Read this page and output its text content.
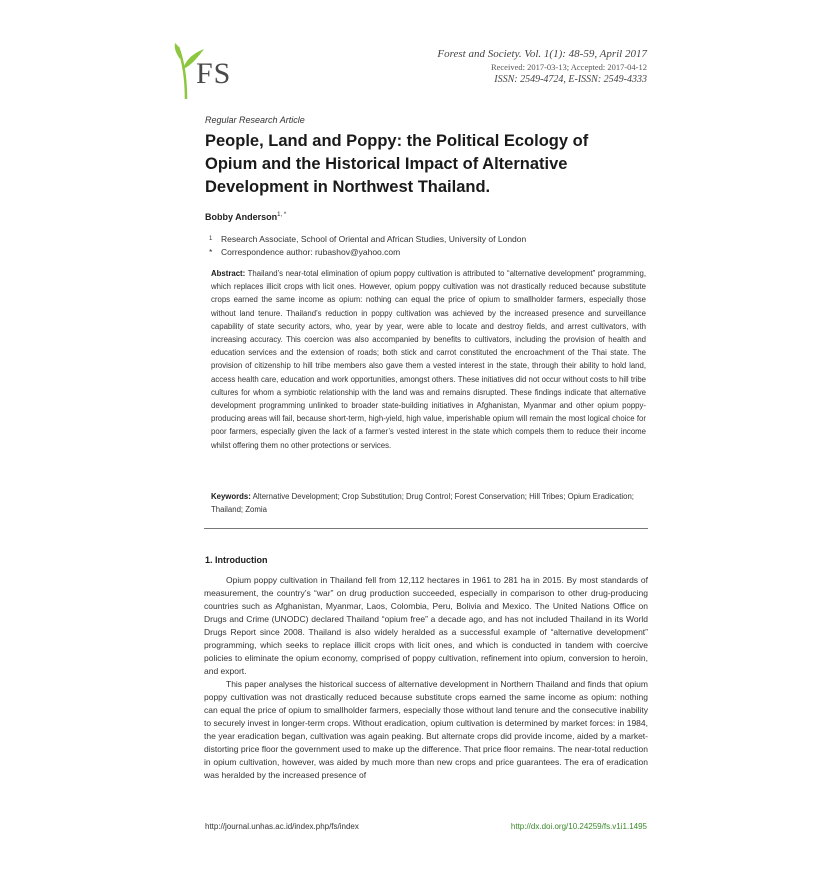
FS
Forest and Society. Vol. 1(1): 48-59, April 2017
Received: 2017-03-13; Accepted: 2017-04-12
ISSN: 2549-4724, E-ISSN: 2549-4333
Regular Research Article
People, Land and Poppy: the Political Ecology of Opium and the Historical Impact of Alternative Development in Northwest Thailand.
Bobby Anderson$^{1, *}$
1 Research Associate, School of Oriental and African Studies, University of London
* Correspondence author: rubashov@yahoo.com
Abstract: Thailand’s near-total elimination of opium poppy cultivation is attributed to “alternative development” programming, which replaces illicit crops with licit ones. However, opium poppy cultivation was not drastically reduced because substitute crops earned the same income as opium: nothing can equal the price of opium to smallholder farmers, especially those without land tenure. Thailand’s reduction in poppy cultivation was achieved by the increased presence and surveillance capability of state security actors, who, year by year, were able to locate and destroy fields, and arrest cultivators, with increasing accuracy. This coercion was also accompanied by benefits to cultivators, including the provision of health and education services and the extension of roads; both stick and carrot constituted the encroachment of the Thai state. The provision of citizenship to hill tribe members also gave them a vested interest in the state, through their ability to hold land, access health care, education and work opportunities, amongst others. These initiatives did not occur without costs to hill tribe cultures for whom a symbiotic relationship with the land was and remains disrupted. These findings indicate that alternative development programming unlinked to broader state-building initiatives in Afghanistan, Myanmar and other opium poppy-producing areas will fail, because short-term, high-yield, high value, imperishable opium will remain the most logical choice for poor farmers, especially given the lack of a farmer’s vested interest in the state which compels them to reduce their income whilst offering them no other protections or services.
Keywords: Alternative Development; Crop Substitution; Drug Control; Forest Conservation; Hill Tribes; Opium Eradication; Thailand; Zomia
1. Introduction

Opium poppy cultivation in Thailand fell from 12,112 hectares in 1961 to 281 ha in 2015. By most standards of measurement, the country’s “war” on drug production succeeded, especially in comparison to other drug-producing countries such as Afghanistan, Myanmar, Laos, Colombia, Peru, Bolivia and Mexico. The United Nations Office on Drugs and Crime (UNODC) declared Thailand “opium free” a decade ago, and has not included Thailand in its World Drugs Report since 2008. Thailand is also widely heralded as a successful example of “alternative development” programming, which seeks to replace illicit crops with licit ones, and which is conducted in tandem with coercive policies to eliminate the opium economy, comprised of poppy cultivation, refinement into opium, conversion to heroin, and export.

This paper analyses the historical success of alternative development in Northern Thailand and finds that opium poppy cultivation was not drastically reduced because substitute crops earned the same income as opium: nothing can equal the price of opium to smallholder farmers, especially those without land tenure and the consecutive inability to securely invest in longer-term crops. Without eradication, opium cultivation is determined by market forces: in 1984, the year eradication began, cultivation was again peaking. But alternate crops did provide income, aided by a market-distorting price floor the government used to make up the difference. That price floor remains. The near-total reduction in opium cultivation, however, was aided by much more than new crops and price guarantees. The era of eradication was heralded by the increased presence of

http://journal.unhas.ac.id/index.php/fs/index	http://dx.doi.org/10.24259/fs.v1i1.1495
